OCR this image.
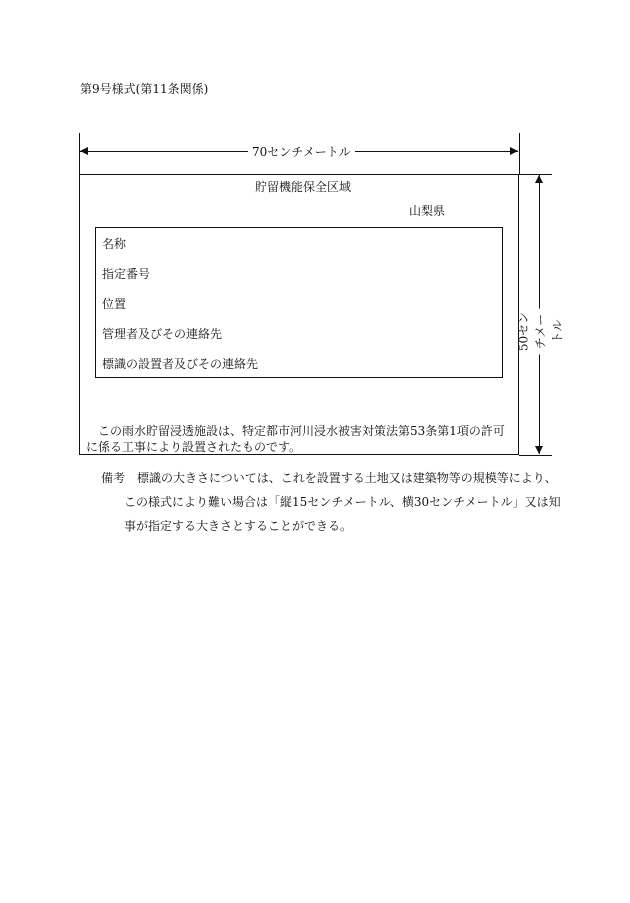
第9号様式(第11条関係)
70センチメートル
50センチメートル
貯留機能保全区域
山梨県
名称
指定番号
位置
管理者及びその連絡先
標識の設置者及びその連絡先
この雨水貯留浸透施設は、特定都市河川浸水被害対策法第53条第1項の許可
に係る工事により設置されたものです。
備考　標識の大きさについては、これを設置する土地又は建築物等の規模等により、
この様式により難い場合は「縦15センチメートル、横30センチメートル」又は知
事が指定する大きさとすることができる。
